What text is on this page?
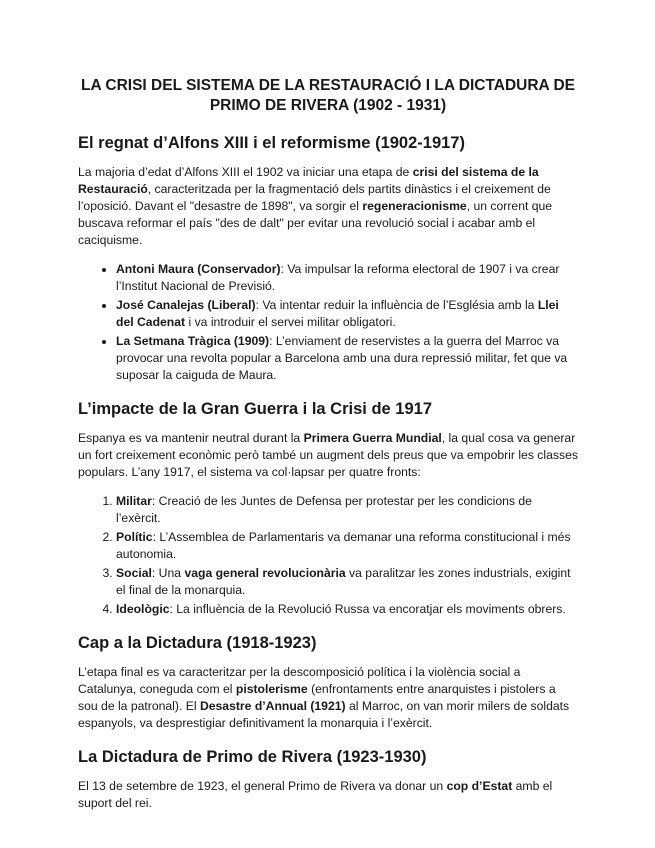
LA CRISI DEL SISTEMA DE LA RESTAURACIÓ I LA DICTADURA DE PRIMO DE RIVERA (1902 - 1931)
El regnat d’Alfons XIII i el reformisme (1902-1917)

La majoria d’edat d’Alfons XIII el 1902 va iniciar una etapa de crisi del sistema de la Restauració, caracteritzada per la fragmentació dels partits dinàstics i el creixement de l’oposició. Davant el "desastre de 1898", va sorgir el regeneracionisme, un corrent que buscava reformar el país "des de dalt" per evitar una revolució social i acabar amb el caciquisme.

• Antoni Maura (Conservador): Va impulsar la reforma electoral de 1907 i va crear l’Institut Nacional de Previsió.
• José Canalejas (Liberal): Va intentar reduir la influència de l’Església amb la Llei del Cadenat i va introduir el servei militar obligatori.
• La Setmana Tràgica (1909): L’enviament de reservistes a la guerra del Marroc va provocar una revolta popular a Barcelona amb una dura repressió militar, fet que va suposar la caiguda de Maura.
L’impacte de la Gran Guerra i la Crisi de 1917

Espanya es va mantenir neutral durant la Primera Guerra Mundial, la qual cosa va generar un fort creixement econòmic però també un augment dels preus que va empobrir les classes populars. L’any 1917, el sistema va col·lapsar per quatre fronts:

1. Militar: Creació de les Juntes de Defensa per protestar per les condicions de l’exèrcit.
2. Polític: L’Assemblea de Parlamentaris va demanar una reforma constitucional i més autonomia.
3. Social: Una vaga general revolucionària va paralitzar les zones industrials, exigint el final de la monarquia.
4. Ideològic: La influència de la Revolució Russa va encoratjar els moviments obrers.
Cap a la Dictadura (1918-1923)

L’etapa final es va caracteritzar per la descomposició política i la violència social a Catalunya, coneguda com el pistolerisme (enfrontaments entre anarquistes i pistolers a sou de la patronal). El Desastre d’Annual (1921) al Marroc, on van morir milers de soldats espanyols, va desprestigiar definitivament la monarquia i l’exèrcit.

La Dictadura de Primo de Rivera (1923-1930)

El 13 de setembre de 1923, el general Primo de Rivera va donar un cop d’Estat amb el suport del rei.
